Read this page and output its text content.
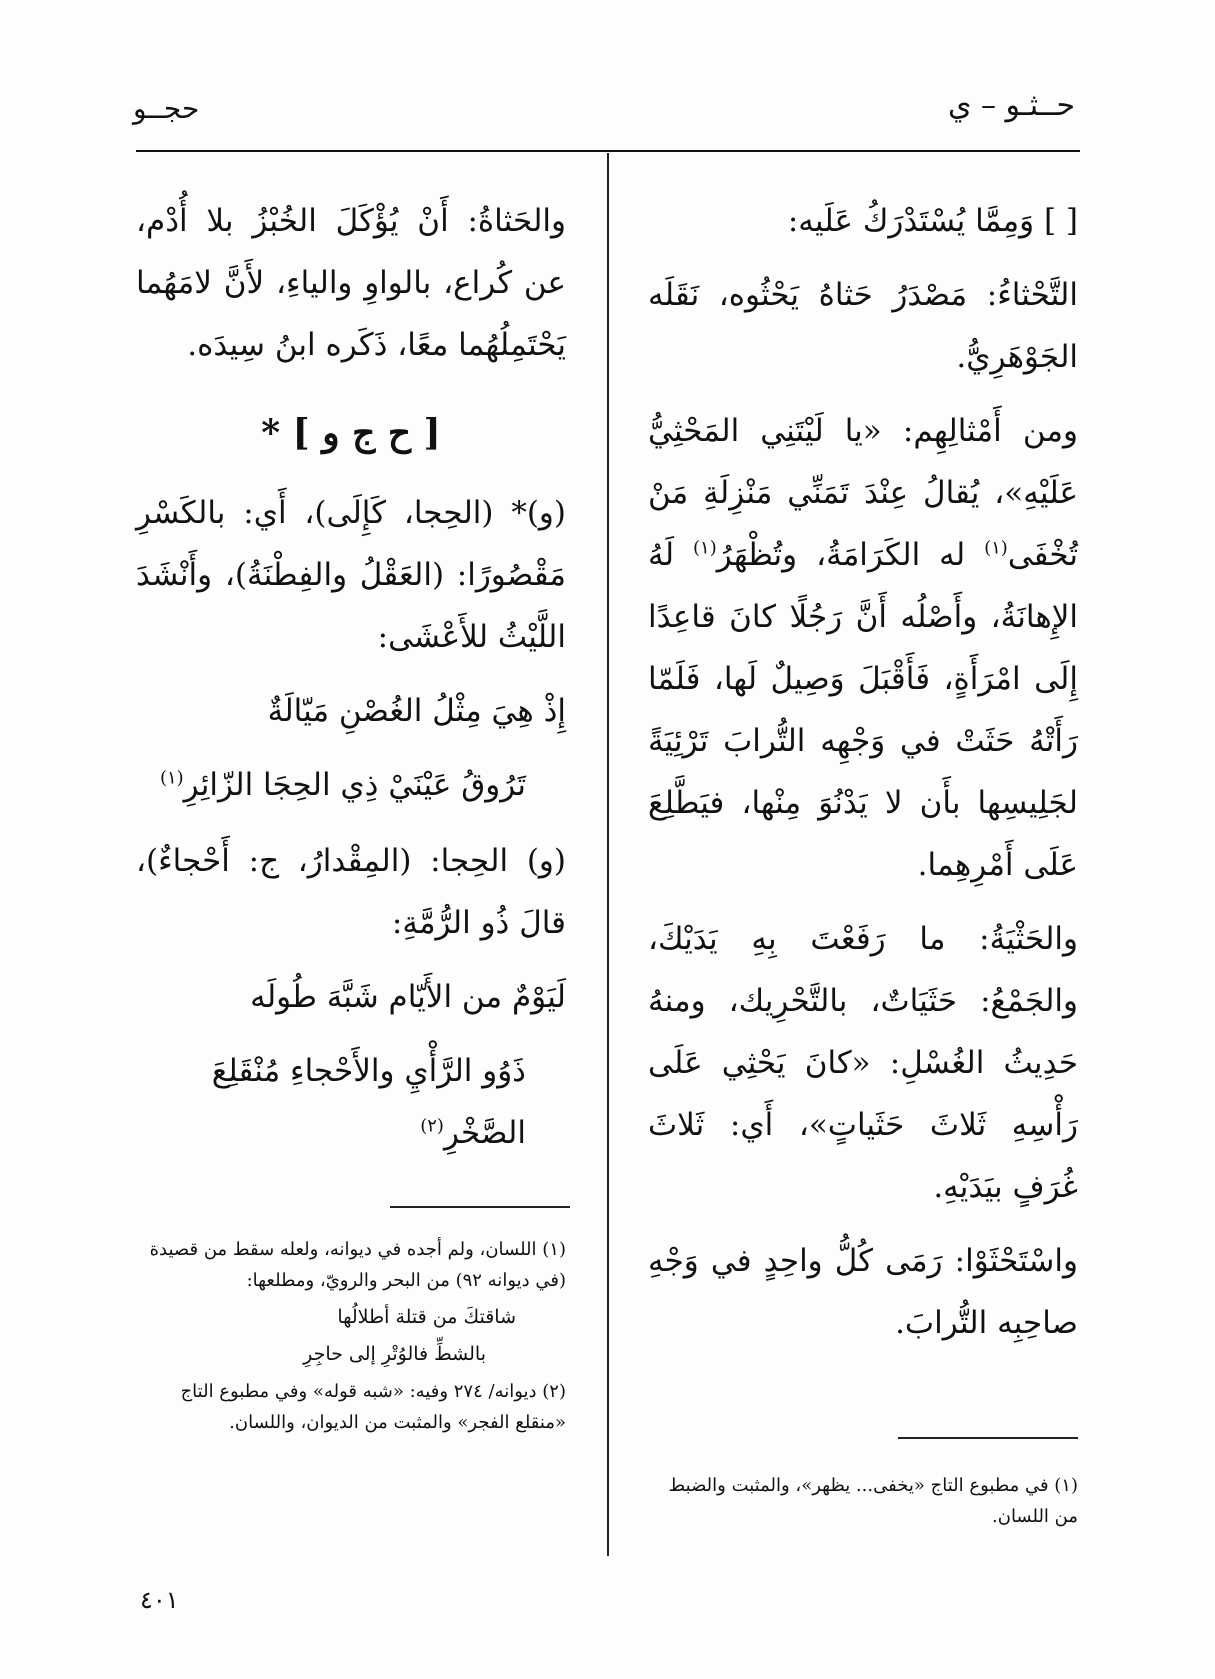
حــثـو – ي
حجــو

[ ] وَمِمَّا يُسْتَدْرَكُ عَلَيه:

التَّحْثاءُ: مَصْدَرُ حَثاهُ يَحْثُوه، نَقَلَه الجَوْهَرِيُّ.

ومن أَمْثالِهِم: «يا لَيْتَنِي المَحْثِيُّ عَلَيْهِ»، يُقالُ عِنْدَ تَمَنِّي مَنْزِلَةِ مَنْ تُخْفَى$^{(١)}$ له الكَرَامَةُ، وتُظْهَرُ$^{(١)}$ لَهُ الإِهانَةُ، وأَصْلُه أَنَّ رَجُلًا كانَ قاعِدًا إِلَى امْرَأَةٍ، فَأَقْبَلَ وَصِيلٌ لَها، فَلَمّا رَأَتْهُ حَثَتْ في وَجْهِه التُّرابَ تَرْئِيَةً لجَلِيسِها بأَن لا يَدْنُوَ مِنْها، فيَطَّلِعَ عَلَى أَمْرِهِما.

والحَثْيَةُ: ما رَفَعْتَ بِهِ يَدَيْكَ، والجَمْعُ: حَثَيَاتٌ، بالتَّحْرِيك، ومنهُ حَدِيثُ الغُسْلِ: «كانَ يَحْثِي عَلَى رَأْسِهِ ثَلاثَ حَثَياتٍ»، أَي: ثَلاثَ غُرَفٍ بيَدَيْهِ.

واسْتَحْثَوْا: رَمَى كُلُّ واحِدٍ في وَجْهِ صاحِبِه التُّرابَ.

والحَثاةُ: أَنْ يُؤْكَلَ الخُبْزُ بلا أُدْم، عن كُراع، بالواوِ والياءِ، لأَنَّ لامَهُما يَحْتَمِلُهُما معًا، ذَكَره ابنُ سِيدَه.

[ ح ج و ] *

(و)* (الحِجا، كَإِلَى)، أَي: بالكَسْرِ مَقْصُورًا: (العَقْلُ والفِطْنَةُ)، وأَنْشَدَ اللَّيْثُ للأَعْشَى:

إِذْ هِيَ مِثْلُ الغُصْنِ مَيّالَةٌ

تَرُوقُ عَيْنَيْ ذِي الحِجَا الزّائِرِ$^{(١)}$

(و) الحِجا: (المِقْدارُ، ج: أَحْجاءٌ)، قالَ ذُو الرُّمَّةِ:

لَيَوْمٌ من الأَيّام شَبَّهَ طُولَه

ذَوُو الرَّأْيِ والأَحْجاءِ مُنْقَلِعَ الصَّخْرِ$^{(٢)}$

(١) اللسان، ولم أجده في ديوانه، ولعله سقط من قصيدة (في ديوانه ٩٢) من البحر والرويّ، ومطلعها:

شاقتكَ من قتلة أطلالُها

بالشطِّ فالوُتْرِ إلى حاجِرِ

(٢) ديوانه/ ٢٧٤ وفيه: «شبه قوله» وفي مطبوع التاج «منقلع الفجر» والمثبت من الديوان، واللسان.

(١) في مطبوع التاج «يخفى... يظهر»، والمثبت والضبط من اللسان.

٤٠١
